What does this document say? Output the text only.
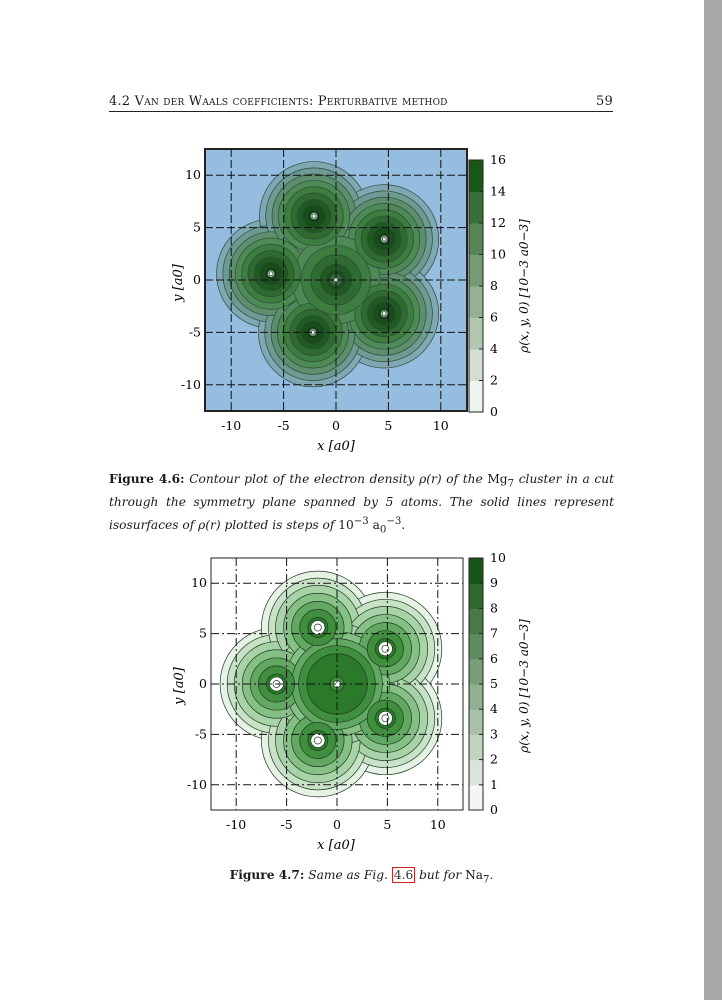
4.2 Van der Waals coefficients: Perturbative method	59
-10	-5	0	5	10
-10
-5
0
5
10
0
2
4
6
8
10
12
14
16
x [a0]
y [a0]	ρ(x, y, 0) [10−3 a0−3]
-10	-5	0	5	10
-10
-5
0
5
10
0
1
2
3
4
5
6
7
8
9
10
x [a0]
y [a0]	ρ(x, y, 0) [10−3 a0−3]
Figure 4.6: Contour plot of the electron density ρ(r) of the $Mg_7$ cluster in a cut through the symmetry plane spanned by 5 atoms. The solid lines represent isosurfaces of ρ(r) plotted is steps of $10^{-3}$ $a_0^{-3}$.
Figure 4.7: Same as Fig. 4.6 but for $Na_7$.
